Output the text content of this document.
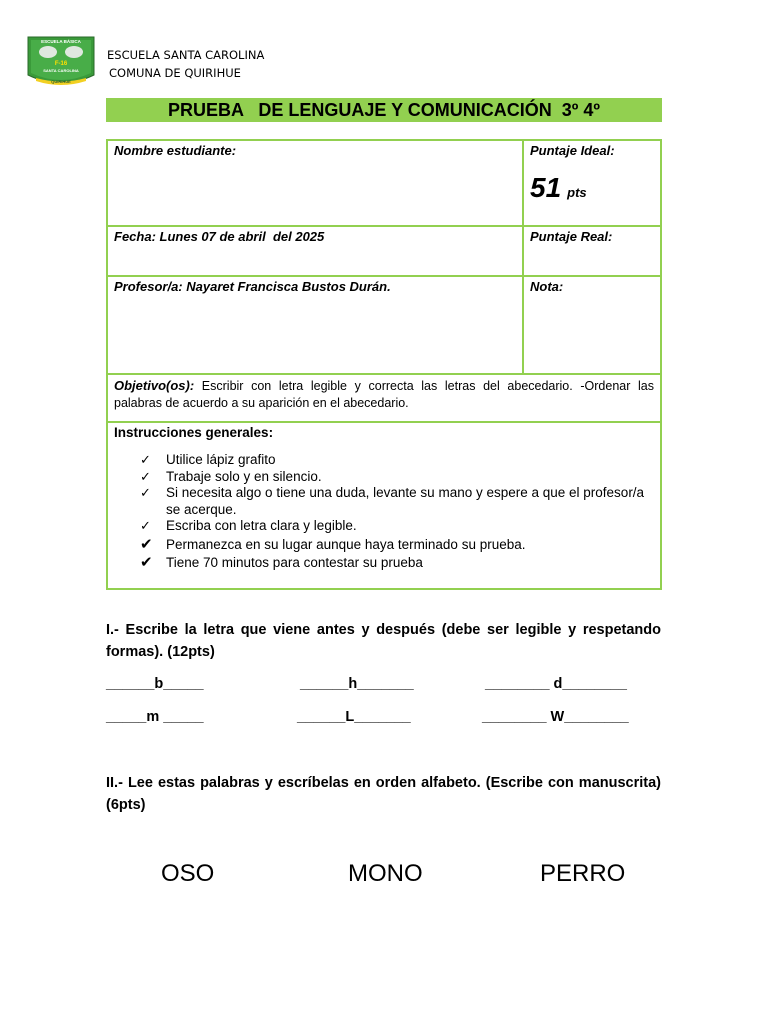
ESCUELA BÁSICA
F-16
SANTA CAROLINA
QUIRIHUE
ESCUELA SANTA CAROLINA
COMUNA DE QUIRIHUE
PRUEBA   DE LENGUAJE Y COMUNICACIÓN  3º 4º
Nombre estudiante:	Puntaje Ideal:
51 pts
Fecha: Lunes 07 de abril  del 2025	Puntaje Real:
Profesor/a: Nayaret Francisca Bustos Durán.	Nota:
Objetivo(os): Escribir con letra legible y correcta las letras del abecedario. -Ordenar las palabras de acuerdo a su aparición en el abecedario.
Instrucciones generales:
✓ Utilice lápiz grafito
✓ Trabaje solo y en silencio.
✓ Si necesita algo o tiene una duda, levante su mano y espere a que el profesor/a se acerque.
✓ Escriba con letra clara y legible.
✔ Permanezca en su lugar aunque haya terminado su prueba.
✔ Tiene 70 minutos para contestar su prueba
I.- Escribe la letra que viene antes y después (debe ser legible y respetando formas). (12pts)
______b_____	______h_______	________ d________
_____m _____	______L_______	________ W________
II.- Lee estas palabras y escríbelas en orden alfabeto. (Escribe con manuscrita) (6pts)
OSO	MONO	PERRO
